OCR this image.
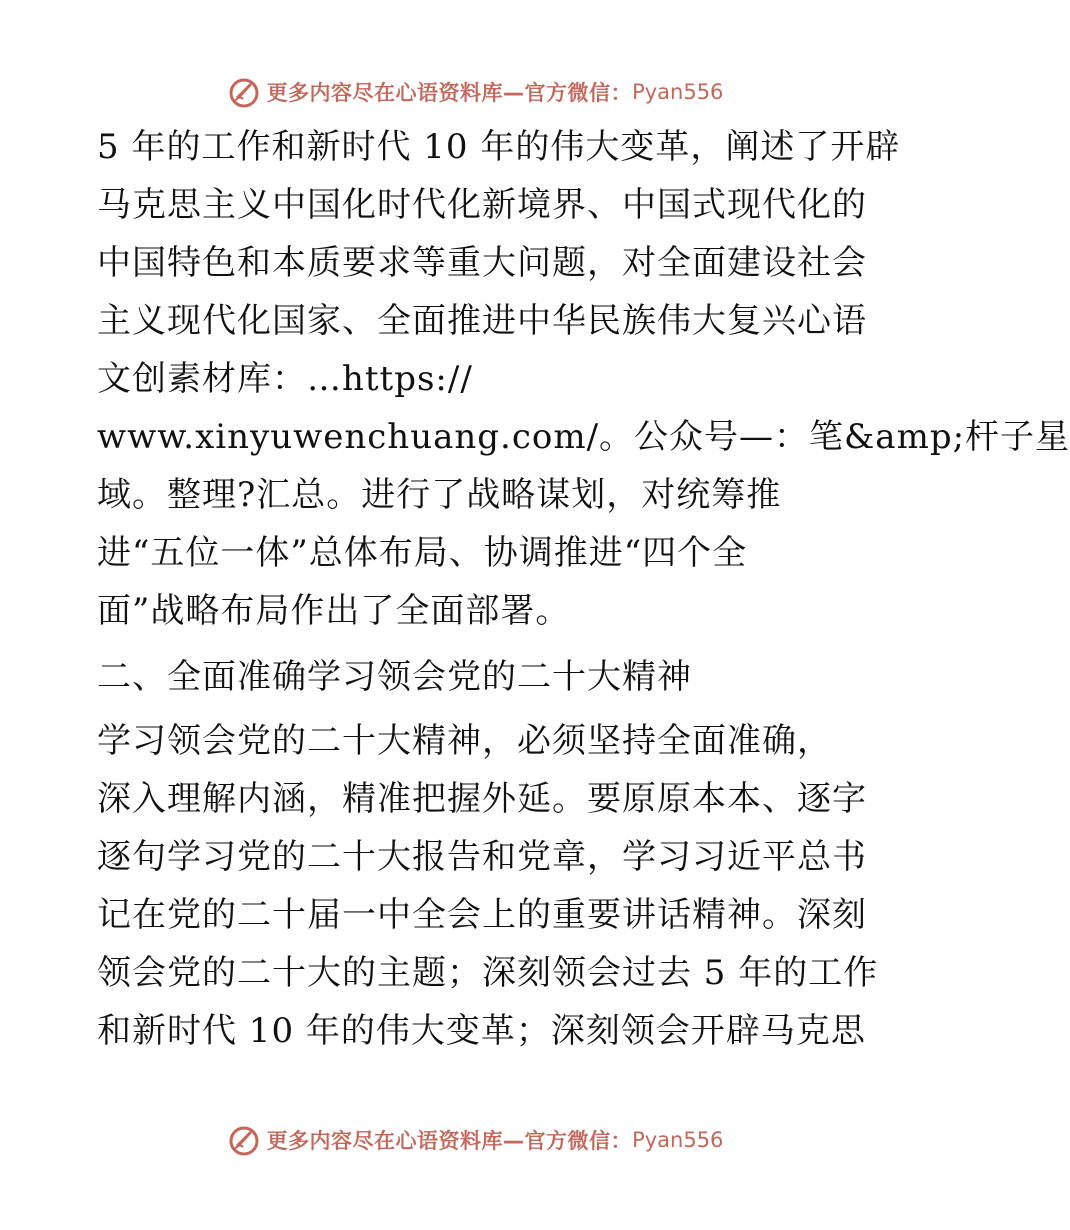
更多内容尽在心语资料库—官方微信： Pyan556
5 年的工作和新时代 10 年的伟大变革，阐述了开辟
马克思主义中国化时代化新境界、中国式现代化的
中国特色和本质要求等重大问题，对全面建设社会
主义现代化国家、全面推进中华民族伟大复兴心语
文创素材库：…https://
www.xinyuwenchuang.com/。公众号—：笔&amp;杆子星
域。整理?汇总。进行了战略谋划，对统筹推
进“五位一体”总体布局、协调推进“四个全
面”战略布局作出了全面部署。
二、全面准确学习领会党的二十大精神
学习领会党的二十大精神，必须坚持全面准确，
深入理解内涵，精准把握外延。要原原本本、逐字
逐句学习党的二十大报告和党章，学习习近平总书
记在党的二十届一中全会上的重要讲话精神。深刻
领会党的二十大的主题；深刻领会过去 5 年的工作
和新时代 10 年的伟大变革；深刻领会开辟马克思
更多内容尽在心语资料库—官方微信： Pyan556
